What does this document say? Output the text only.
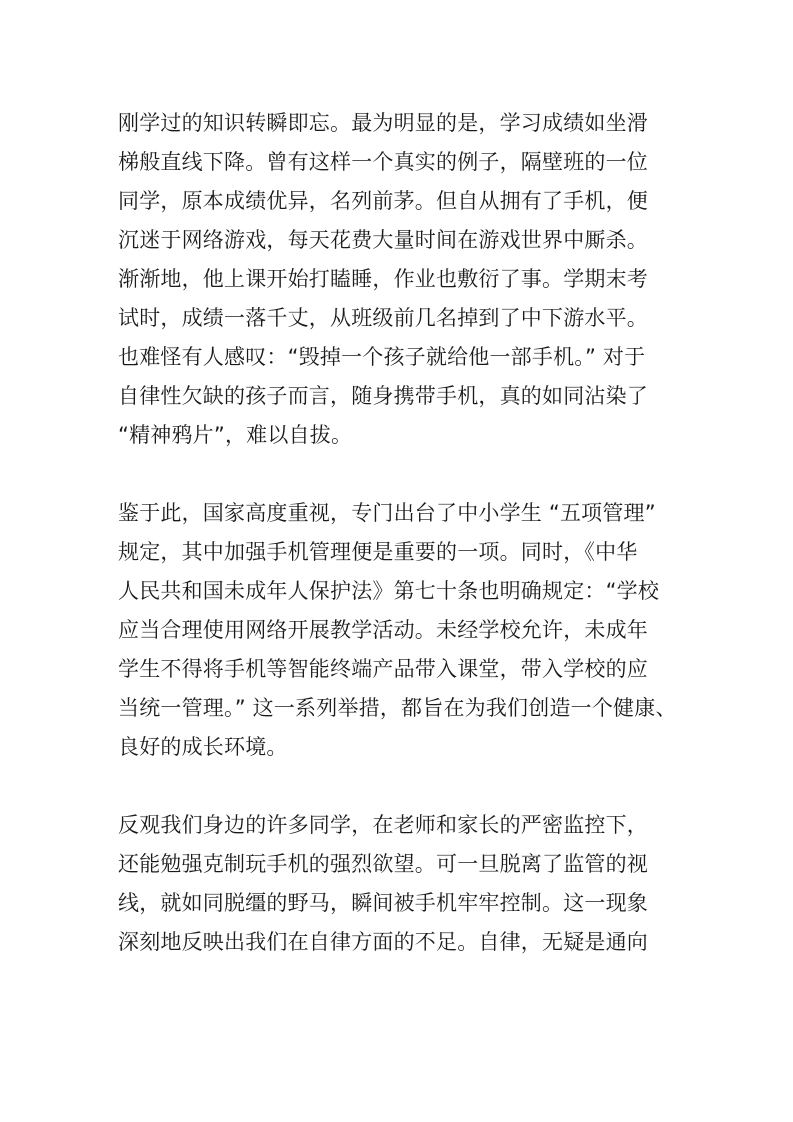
刚学过的知识转瞬即忘。最为明显的是，学习成绩如坐滑
梯般直线下降。曾有这样一个真实的例子，隔壁班的一位
同学，原本成绩优异，名列前茅。但自从拥有了手机，便
沉迷于网络游戏，每天花费大量时间在游戏世界中厮杀。
渐渐地，他上课开始打瞌睡，作业也敷衍了事。学期末考
试时，成绩一落千丈，从班级前几名掉到了中下游水平。
也难怪有人感叹：“毁掉一个孩子就给他一部手机。” 对于
自律性欠缺的孩子而言，随身携带手机，真的如同沾染了
“精神鸦片”，难以自拔。
鉴于此，国家高度重视，专门出台了中小学生 “五项管理”
规定，其中加强手机管理便是重要的一项。同时，《中华
人民共和国未成年人保护法》第七十条也明确规定：“学校
应当合理使用网络开展教学活动。未经学校允许，未成年
学生不得将手机等智能终端产品带入课堂，带入学校的应
当统一管理。” 这一系列举措，都旨在为我们创造一个健康、
良好的成长环境。
反观我们身边的许多同学，在老师和家长的严密监控下，
还能勉强克制玩手机的强烈欲望。可一旦脱离了监管的视
线，就如同脱缰的野马，瞬间被手机牢牢控制。这一现象
深刻地反映出我们在自律方面的不足。自律，无疑是通向
